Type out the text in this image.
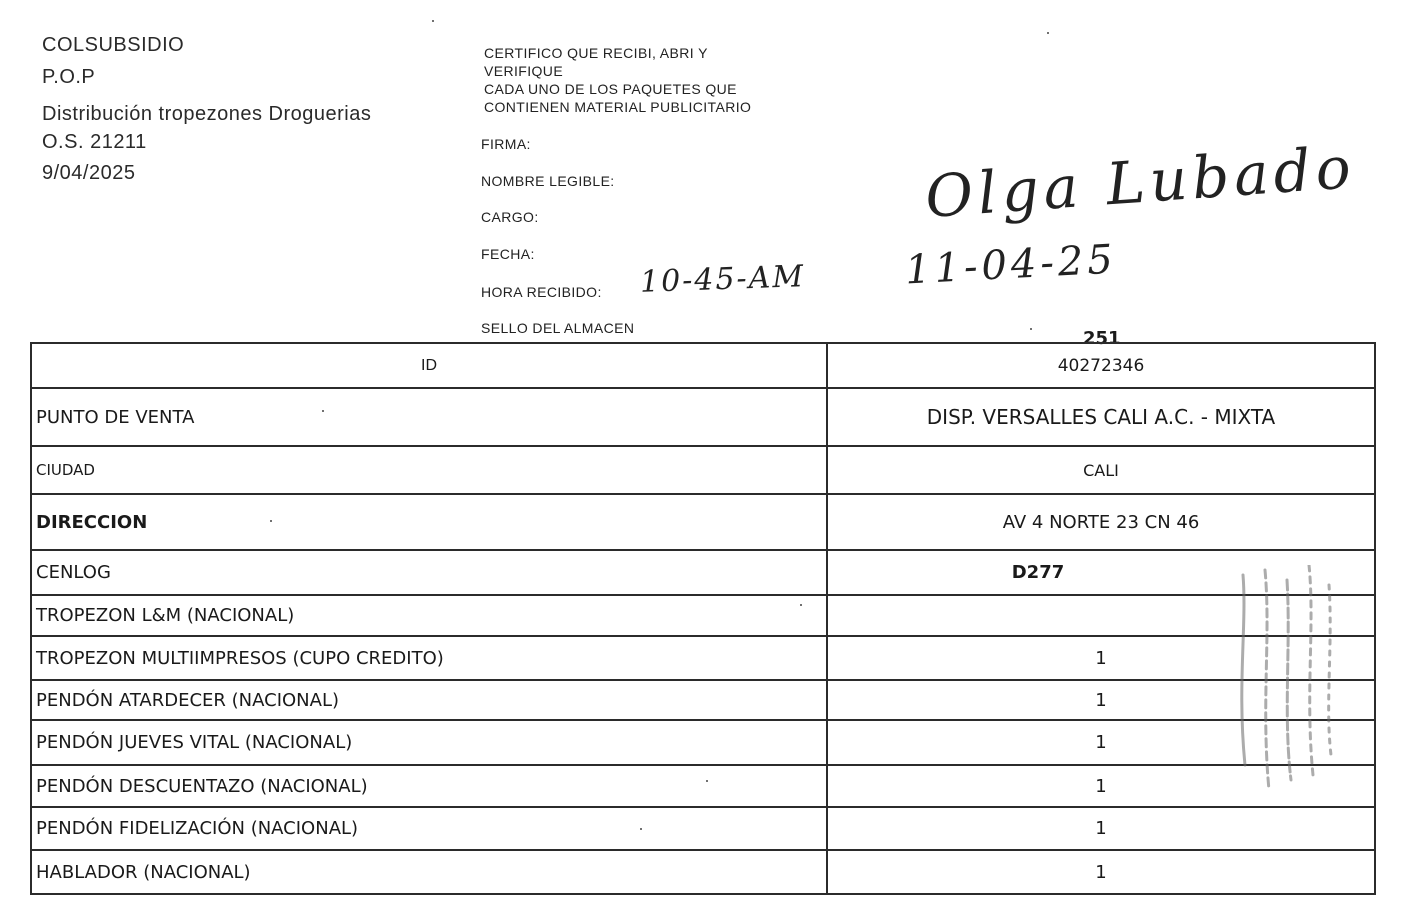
COLSUBSIDIO
P.O.P
Distribución tropezones Droguerias
O.S. 21211
9/04/2025
CERTIFICO QUE RECIBI, ABRI Y
VERIFIQUE
CADA UNO DE LOS PAQUETES QUE
CONTIENEN MATERIAL PUBLICITARIO
FIRMA:
NOMBRE LEGIBLE:
CARGO:
FECHA:
HORA RECIBIDO:
SELLO DEL ALMACEN
10-45-AM 11-04-25
Olga Lubado
251
ID	40272346
PUNTO DE VENTA	DISP. VERSALLES CALI A.C. - MIXTA
CIUDAD	CALI
DIRECCION	AV 4 NORTE 23 CN 46
CENLOG	D277
TROPEZON L&M (NACIONAL)	
TROPEZON MULTIIMPRESOS (CUPO CREDITO)	1
PENDÓN ATARDECER (NACIONAL)	1
PENDÓN JUEVES VITAL (NACIONAL)	1
PENDÓN DESCUENTAZO (NACIONAL)	1
PENDÓN FIDELIZACIÓN (NACIONAL)	1
HABLADOR (NACIONAL)	1
